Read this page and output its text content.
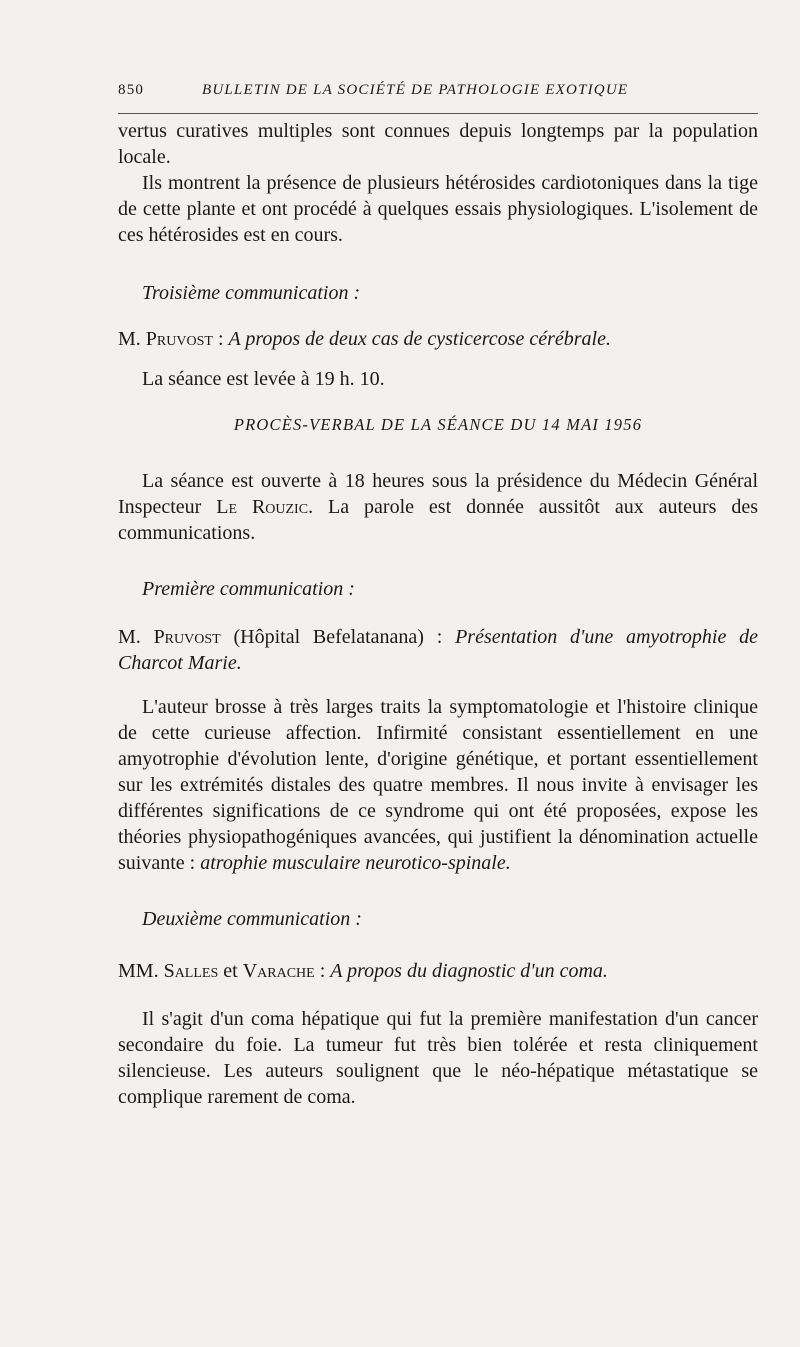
850	BULLETIN DE LA SOCIÉTÉ DE PATHOLOGIE EXOTIQUE

vertus curatives multiples sont connues depuis longtemps par la population locale.

Ils montrent la présence de plusieurs hétérosides cardiotoniques dans la tige de cette plante et ont procédé à quelques essais physiologiques. L'isolement de ces hétérosides est en cours.

Troisième communication :

M. Pruvost : A propos de deux cas de cysticercose cérébrale.

La séance est levée à 19 h. 10.

PROCÈS-VERBAL DE LA SÉANCE DU 14 MAI 1956

La séance est ouverte à 18 heures sous la présidence du Médecin Général Inspecteur Le Rouzic. La parole est donnée aussitôt aux auteurs des communications.

Première communication :

M. Pruvost (Hôpital Befelatanana) : Présentation d'une amyotrophie de Charcot Marie.

L'auteur brosse à très larges traits la symptomatologie et l'histoire clinique de cette curieuse affection. Infirmité consistant essentiellement en une amyotrophie d'évolution lente, d'origine génétique, et portant essentiellement sur les extrémités distales des quatre membres. Il nous invite à envisager les différentes significations de ce syndrome qui ont été proposées, expose les théories physiopathogéniques avancées, qui justifient la dénomination actuelle suivante : atrophie musculaire neurotico-spinale.

Deuxième communication :

MM. Salles et Varache : A propos du diagnostic d'un coma.

Il s'agit d'un coma hépatique qui fut la première manifestation d'un cancer secondaire du foie. La tumeur fut très bien tolérée et resta cliniquement silencieuse. Les auteurs soulignent que le néo-hépatique métastatique se complique rarement de coma.
